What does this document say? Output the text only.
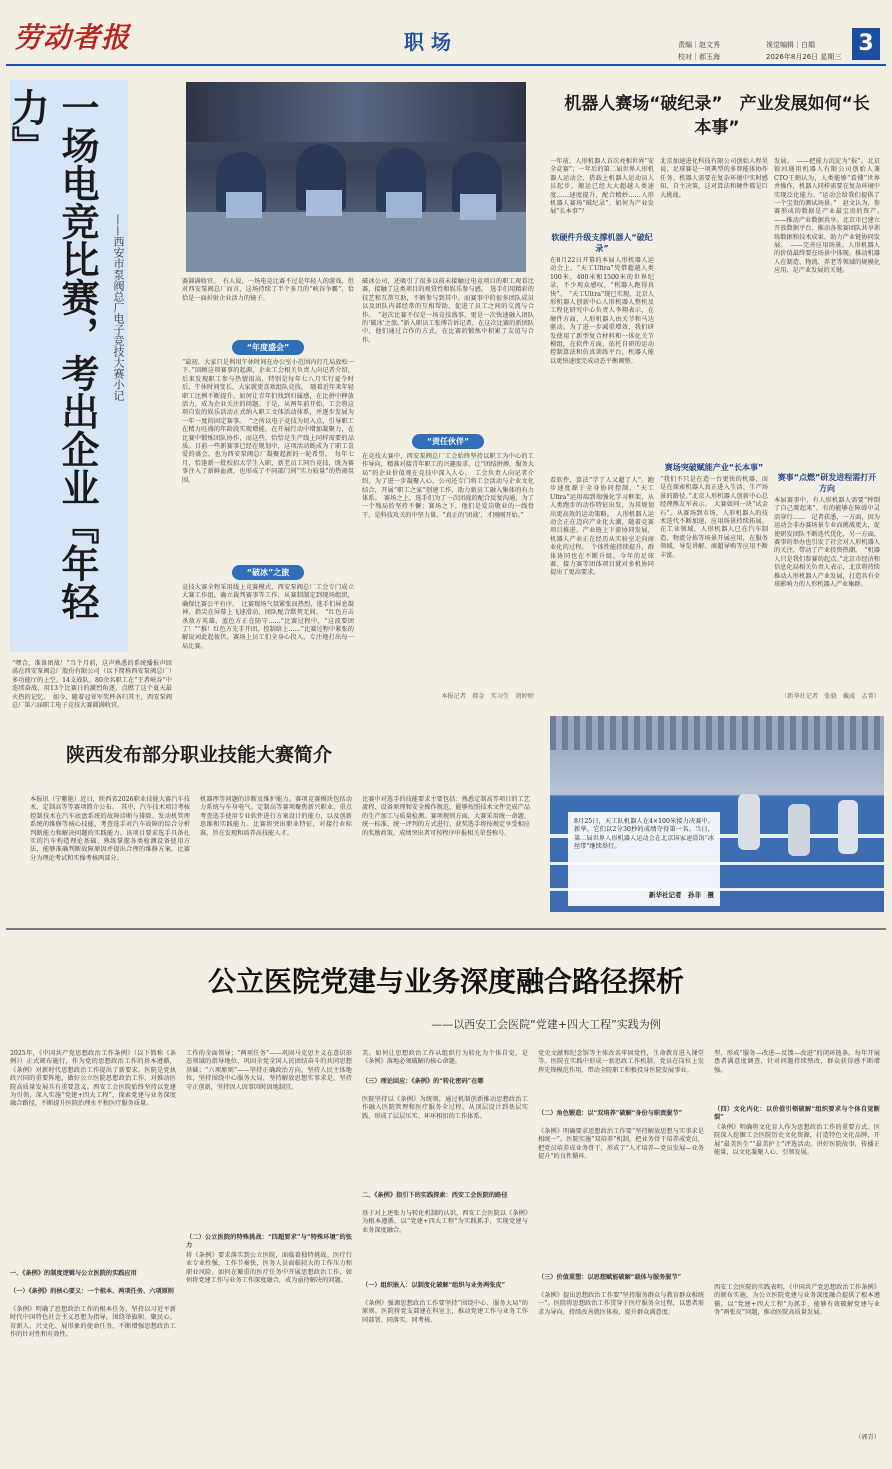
劳动者报	职 场	责编｜赵文秀
校对｜郝玉海
视觉编辑｜白娟
2026年8月26日 星期三
3
一场电竞比赛，考出企业『年轻力』
——西安市泵阀总厂电子竞技大赛小记
“嘿合，准备团战！”当个月前，这声熟悉的系统播报声回荡在西安泵阀总厂股份有限公司（以下简称西安泵阀总厂）多功能厅的上空。14支战队、80余名职工在“王者峡谷”中连续奋战，用13个比赛日的激烈角逐，点燃了这个夏天最火热的记忆。　如今，随着冠亚军奖杯各归其主，西安泵阀总厂第六届职工电子竞技大赛圆满收官。
赛圆满收官。　有人说，一场电竞比赛不过是年轻人的游戏，但对西安泵阀总厂而言，这场持续了半个多月的“峡谷争霸”，恰恰是一面折射企业活力的镜子。
“年度盛会”
“最初，大家只是利用午休时间在办公室小范围内打几局放松一下。”回顾这项赛事的起源，企业工会相关负责人向记者介绍，后来发现职工参与热情很高，特别是每年七八月实行夏令时后，午休时间变长，大家就更喜欢组队竞技。　随着近年来年轻职工比例不断提升，如何让青年们找到归属感，在比拼中释放活力，成为企业关注的问题。于是，从两年前开始，工会将这项自发的娱乐活动正式纳入职工文体活动体系，并逐步发展为一年一度的固定赛事。　“之所以电子竞技为切入点，引导职工在精力旺盛的年龄段实现增能，在开展行动中增加凝聚力，在比赛中锻炼团队协作，而这些，恰恰是生产线上同样需要的品质。目前一些新赛事已经在规划中，这项活动既成为了职工喜爱的盛会，也为西安泵阀总厂凝聚起新的一轮希望。　每年七月，恰逢新一批校招大学生入职，新老员工同台竞技，既为赛事注入了新鲜血液，也形成了不同部门间“实力较量”的热闹氛围。
“破冰”之旅
竞技大赛全程采用线上竞赛模式，西安泵阀总厂工会专门成立大赛工作组，确立裁判赛事等工作，从赛制制定到现场组织，确保比赛公平有序。　比赛现场气氛紧张而热烈，选手们屏息凝神，指尖在屏幕上飞速滑动，团队配合默契无间。　“红色方击杀敌方英雄，蓝色方正在防守……”比赛过程中，“这波要团了！”“推！红色方先手开团，控制给上……”比赛过程中紧张的解说词此起彼伏。赛场上员工们全身心投入，专注地打出每一局比赛。
破冰公司，还吸引了很多以前未接触过电竞项目的职工观看比赛，接触了这类项目的观赏性和娱乐参与感。　选手们用精彩的技艺和互帮互助，不断参与到其中。而赛事中的很多团队成员以及团队内部经常的互相帮助，促进了员工之间的交流与合作。　“赵次比赛不仅是一场竞技盛事，更是一次快速融入团队的‘破冰’之旅。”新入职员工张博告诉记者，在这次比赛的新团队中，他们通过合作的方式，在比赛的锻炼中积累了友谊与合作。
“责任伙伴”
在竞技大赛中，西安泵阀总厂工会始终坚持以职工为中心的工作导向，精准对接青年职工的兴趣需求，让“团结拼搏，服务大局”的企业价值观在竞技中深入人心。　工会负责人向记者介绍，为了进一步凝聚人心，公司还专门将工会活动与企业文化结合，开展“职工之家”创建工作，助力新员工融入集体的有力体系。　赛场之上，选手们为了一次团战的配合反复沟通，为了一个残局的坚持不懈；赛场之下，他们是爱岗敬业的一线骨干，是科技攻关的中坚力量。“真正的‘团战’，才刚刚开始。”
本报记者　郝金　实习生　胡婷婷
机器人赛场“破纪录”　产业发展如何“长本事”
一年前，人形机器人首次亮相世界“安全竞赛”；一年后的第二届世界人形机器人运动会，搭载上机器人运动员人员起步，搬运已经大大超越人类速度……速度提升，配合精妙……人形机器人赛场“破纪录”，如何为产业发展“长本事”？
软硬件升级支撑机器人“破纪录”
在8月22日开幕的本届人形机器人运动会上，“天工Ultra”凭借超越人类100米、400米和1500米的世界纪录，不少观众感叹，“机器人跑得真快”。　“天工Ultra”现已实现，北京人形机器人创新中心人形机器人整机及工程化研究中心负责人李翔表示，在硬件方面，人形机器人由关节和马达驱动。为了进一步减重增效，我们研发使用了新型复合材料和一体化关节模组，在软件方面，依托自研的运动控制算法和仿真训练平台，机器人能以更快速度完成动态平衡调整。
看软件，算法“学了人又超了人”。跑步速度源于全身协同控制，“天工Ultra”运用端到端强化学习框架，从人类跑步的动作特征出发，为其规划出更高效的运动策略。　人形机器人运动会正在迈向产业化大潮，随着竞赛项目推进、产业链上下游协同发展，机器人产业正在经历从实验室走向商业化的过程。　个体性能持续提升，群体协同也在不断升级。今年的足球赛、接力赛等团体项目就对多机协同提出了更高要求。
北京加速进化科技有限公司创始人程昊说，足球赛是一项典型的多智能体协作任务。机器人需要在复杂环境中实时感知、自主决策，这对算法和硬件都是巨大挑战。
赛场突破赋能产业“长本事”
“我们不只是在造一台更快的机器，而是在探索机器人真正进入生活、生产场景的路径。”北京人形机器人创新中心总经理熊友军表示。　大赛如同一块“试金石”。从赛场到市场，人形机器人的技术迭代不断加速，应用场景持续拓展。在工业领域，人形机器人已在汽车制造、物流分拣等场景开展应用，在服务领域，导览讲解、商超导购等应用不断丰富。
发展。　——把能力沉淀为“报”。北京银河通用机器人有限公司创始人兼CTO王鹤认为，人类能够“看懂”世界并操作，机器人同样需要在复杂环境中实现泛化能力。“运动会给我们提供了一个宝贵的测试场景。”　赵文认为，参赛形成的数据是产业最宝贵的资产。　——推动产业数据共享。北京市已建立开放数据平台，推动各参赛团队共享训练数据和技术成果，助力产业链协同发展。　——完善应用场景。人形机器人的价值最终要在场景中体现。推动机器人在制造、物流、养老等领域的规模化应用，是产业发展的关键。
赛事“点燃”研发进程需打开方向
本届赛事中，有人形机器人需要“摔倒了自己爬起来”，有的能够在障碍中灵活穿行……　记者获悉，一方面，因为运动会非办赛场景专业而挑战更大，促使研发团队不断迭代优化，另一方面，赛事的举办也引发了社会对人形机器人的关注，带动了产业投资热潮。　“机器人只是我们参赛的起点。”北京市经济和信息化局相关负责人表示，北京将持续推动人形机器人产业发展，打造具有全球影响力的人形机器人产业集群。
（新华社记者　张骁　戴威　孟菁）
8月25日，天工队机器人在4×100米接力决赛中。新华，它们以2分30秒的成绩夺得第一名。当日，第二届世界人形机器人运动会在北京国家速滑馆“冰丝带”继续举行。
新华社记者　孙非　摄
陕西发布部分职业技能大赛简介
本报讯（宁紫艳）近日，陕西省2026职业技能大赛汽车技术、定制高等等赛项简介公布。　其中，汽车技术项目考核控制技术在汽车底盘系统的故障诊断与排除、发动机管理系统的维修等核心技能，考查选手对汽车故障的综合分析判断能力和解决问题的实践能力。该项目要求选手具备扎实的汽车构造理论基础、熟练掌握各类检测设备使用方法，能够准确判断故障原因并提出合理的维修方案。比赛分为理论考试和实操考核两部分。
机器理等问题的诊断及维护能力。赛项竞赛模块包括动力系统与车身电气。定制高等赛项聚焦新兴职业，重点考查选手使用专业软件进行方案设计的能力，以及创新思维和实践能力。比赛将突出职业特征，对接行业标准，旨在发现和培养高技能人才。
比赛中对选手的技能要求主要包括：熟悉定制高等项目的工艺流程、设备原理和安全操作规范，能够按照技术文件完成产品的生产加工与质量检测。赛项规则方面，大赛采用统一命题、统一标准、统一评判的方式进行。获奖选手将按规定享受相应的奖励政策，成绩突出者可按程序申报相关荣誉称号。
公立医院党建与业务深度融合路径探析
——以西安工会医院“党建+四大工程”实践为例
2025年，《中国共产党思想政治工作条例》（以下简称《条例》）正式颁布施行，作为党的思想政治工作的基本遵循，《条例》对新时代思想政治工作提出了新要求。医院是党执政兴国的重要阵地，做好公立医院思想政治工作，对推动医院高质量发展具有重要意义。西安工会医院始终坚持以党建为引领，深入实施“党建+四大工程”，探索党建与业务深度融合路径，不断提升医院治理水平和医疗服务质量。
一、《条例》的制度逻辑与公立医院的实践应用
（一）《条例》的核心要义：一个根本、两项任务、六项原则
《条例》明确了思想政治工作的根本任务，坚持以习近平新时代中国特色社会主义思想为指导，围绕举旗帜、聚民心、育新人、兴文化、展形象的使命任务，不断增强思想政治工作的针对性和有效性。
工作的全面领导；“两项任务”——巩固马克思主义在意识形态领域的指导地位，巩固全党全国人民团结奋斗的共同思想基础；“六项原则”——坚持正确政治方向，坚持人民主体地位，坚持围绕中心服务大局，坚持解放思想实事求是，坚持守正创新，坚持因人因事因时因地制宜。
（二）公立医院的特殊挑战：“四超要求”与“特殊环境”的张力
将《条例》要求落实到公立医院，面临着独特挑战。医疗行业专业性强，工作节奏快，医务人员面临较大的工作压力和职业风险。如何在繁重的医疗任务中开展思想政治工作，如何将党建工作与业务工作深度融合，成为亟待解决的问题。
美。如何让思想政治工作从组织行为转化为个体自觉，是《条例》落地必须破解的核心命题。
（三）理论回应：《条例》的“转化密码”在哪
医院坚持以《条例》为统领，通过机制创新推动思想政治工作融入医院管理和医疗服务全过程。从顶层设计到基层实践，形成了层层压实、环环相扣的工作体系。
二、《条例》指引下的实践探索：西安工会医院的路径
基于对上述张力与转化机制的认识，西安工会医院以《条例》为根本遵循，以“党建+四大工程”为实践抓手，实现党建与业务深度融合。
（一）组织嵌入：以制度化破解“组织与业务两张皮”
《条例》强调思想政治工作要坚持“围绕中心、服务大局”的原则。医院将党支部建在科室上，推动党建工作与业务工作同部署、同落实、同考核。
党史文献和纪念馆等主体改名牢固党性，生命教育进入课堂等。医院在实践中形成一套思政工作机制，党员在岗位上发挥先锋模范作用，带动全院职工积极投身医院发展事业。
（二）角色锻造：以“双培养”破解“身份与职责脱节”
《条例》明确要求思想政治工作要“坚持解放思想与实事求是相统一”。医院实施“双培养”机制，把业务骨干培养成党员，把党员培养成业务骨干，形成了“人才培养—党员发展—业务提升”的良性循环。
（三）价值重塑：以思想赋能破解“载体与服务脱节”
《条例》提出思想政治工作要“坚持服务群众与教育群众相统一”。医院将思想政治工作贯穿于医疗服务全过程，以患者需求为导向，持续改善就医体验，提升群众满意度。
型，形成“服务—改进—反馈—改进”的闭环链条。每年开展患者满意度调查，针对问题持续整改，群众获得感不断增强。
（四）文化内化：以价值引领破解“组织要求与个体自觉断裂”
《条例》明确将文化育人作为思想政治工作的重要方式。医院深入挖掘工会医院历史文化资源，打造特色文化品牌，开展“最美医生”“最美护士”评选活动，讲好医院故事，传播正能量，以文化凝聚人心、引领发展。
西安工会医院的实践表明，《中国共产党思想政治工作条例》的颁布实施，为公立医院党建与业务深度融合提供了根本遵循。以“党建+四大工程”为抓手，能够有效破解党建与业务“两张皮”问题，推动医院高质量发展。
（郭青）
